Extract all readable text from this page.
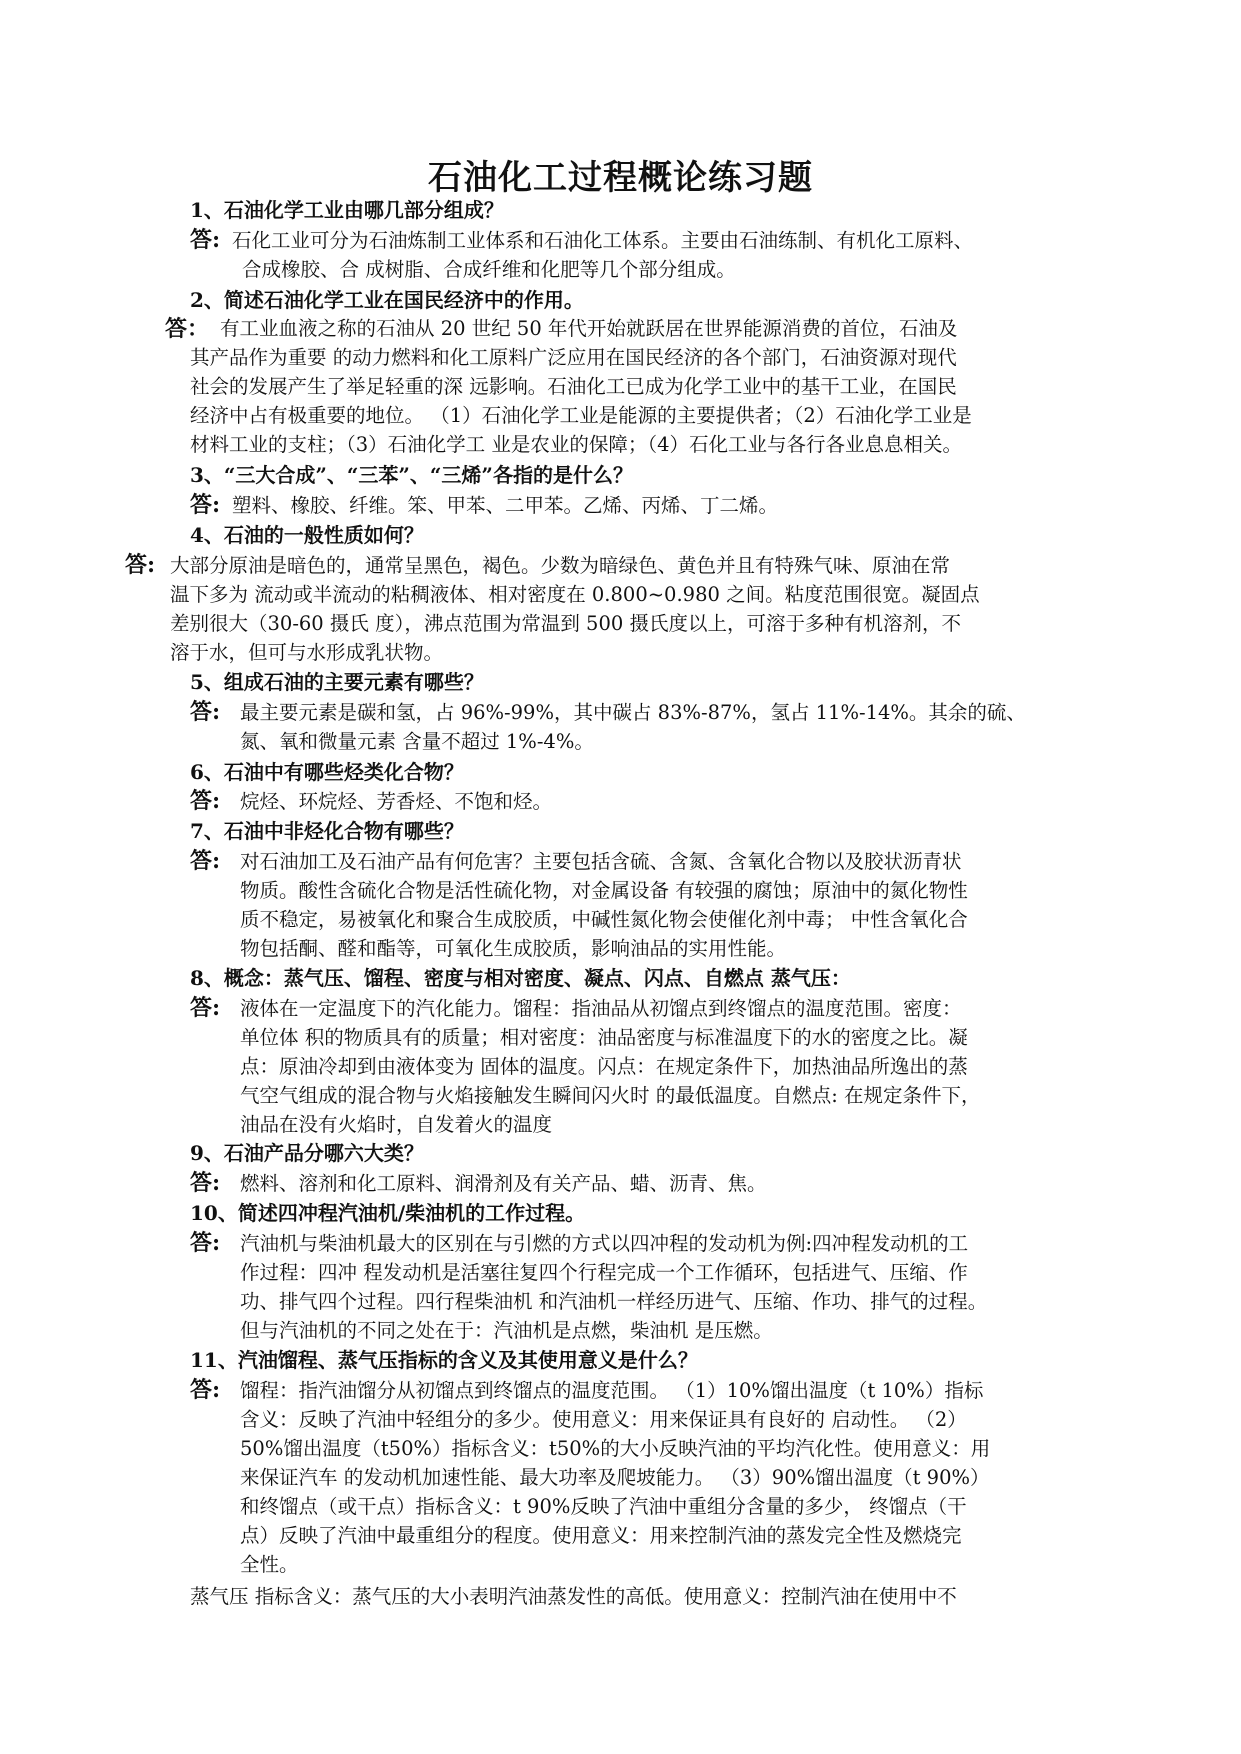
石油化工过程概论练习题
1、石油化学工业由哪几部分组成？
答: 石化工业可分为石油炼制工业体系和石油化工体系。主要由石油练制、有机化工原料、

合成橡胶、合 成树脂、合成纤维和化肥等几个部分组成。

2、简述石油化学工业在国民经济中的作用。
答： 有工业血液之称的石油从 20 世纪 50 年代开始就跃居在世界能源消费的首位，石油及

其产品作为重要 的动力燃料和化工原料广泛应用在国民经济的各个部门，石油资源对现代

社会的发展产生了举足轻重的深 远影响。石油化工已成为化学工业中的基干工业，在国民

经济中占有极重要的地位。 （1）石油化学工业是能源的主要提供者；（2）石油化学工业是

材料工业的支柱；（3）石油化学工 业是农业的保障；（4）石化工业与各行各业息息相关。

3、“三大合成”、“三苯”、“三烯”各指的是什么？
答: 塑料、橡胶、纤维。笨、甲苯、二甲苯。乙烯、丙烯、丁二烯。

4、石油的一般性质如何？
答: 大部分原油是暗色的，通常呈黑色，褐色。少数为暗绿色、黄色并且有特殊气味、原油在常

温下多为 流动或半流动的粘稠液体、相对密度在 0.800~0.980 之间。粘度范围很宽。凝固点

差别很大（30-60 摄氏 度），沸点范围为常温到 500 摄氏度以上，可溶于多种有机溶剂，不

溶于水，但可与水形成乳状物。

5、组成石油的主要元素有哪些？
答:	最主要元素是碳和氢，占 96%-99%，其中碳占 83%-87%，氢占 11%-14%。其余的硫、

氮、氧和微量元素 含量不超过 1%-4%。

6、石油中有哪些烃类化合物？
答: 烷烃、环烷烃、芳香烃、不饱和烃。

7、石油中非烃化合物有哪些？
答: 对石油加工及石油产品有何危害？主要包括含硫、含氮、含氧化合物以及胶状沥青状

物质。酸性含硫化合物是活性硫化物，对金属设备 有较强的腐蚀；原油中的氮化物性

质不稳定，易被氧化和聚合生成胶质，中碱性氮化物会使催化剂中毒； 中性含氧化合

物包括酮、醛和酯等，可氧化生成胶质，影响油品的实用性能。

8、概念：蒸气压、馏程、密度与相对密度、凝点、闪点、自燃点 蒸气压：
答: 液体在一定温度下的汽化能力。馏程：指油品从初馏点到终馏点的温度范围。密度：

单位体 积的物质具有的质量；相对密度：油品密度与标准温度下的水的密度之比。凝

点：原油冷却到由液体变为 固体的温度。闪点：在规定条件下，加热油品所逸出的蒸

气空气组成的混合物与火焰接触发生瞬间闪火时 的最低温度。自燃点: 在规定条件下，

油品在没有火焰时，自发着火的温度

9、石油产品分哪六大类？
答: 燃料、溶剂和化工原料、润滑剂及有关产品、蜡、沥青、焦。

10、简述四冲程汽油机/柴油机的工作过程。
答: 汽油机与柴油机最大的区别在与引燃的方式以四冲程的发动机为例:四冲程发动机的工

作过程：四冲 程发动机是活塞往复四个行程完成一个工作循环，包括进气、压缩、作

功、排气四个过程。四行程柴油机 和汽油机一样经历进气、压缩、作功、排气的过程。

但与汽油机的不同之处在于：汽油机是点燃，柴油机 是压燃。

11、汽油馏程、蒸气压指标的含义及其使用意义是什么？
答: 馏程：指汽油馏分从初馏点到终馏点的温度范围。 （1）10%馏出温度（t 10%）指标

含义：反映了汽油中轻组分的多少。使用意义：用来保证具有良好的 启动性。 （2）

50%馏出温度（t50%）指标含义：t50%的大小反映汽油的平均汽化性。使用意义：用

来保证汽车 的发动机加速性能、最大功率及爬坡能力。 （3）90%馏出温度（t 90%）

和终馏点（或干点）指标含义：t 90%反映了汽油中重组分含量的多少， 终馏点（干

点）反映了汽油中最重组分的程度。使用意义：用来控制汽油的蒸发完全性及燃烧完

全性。

蒸气压 指标含义：蒸气压的大小表明汽油蒸发性的高低。使用意义：控制汽油在使用中不
